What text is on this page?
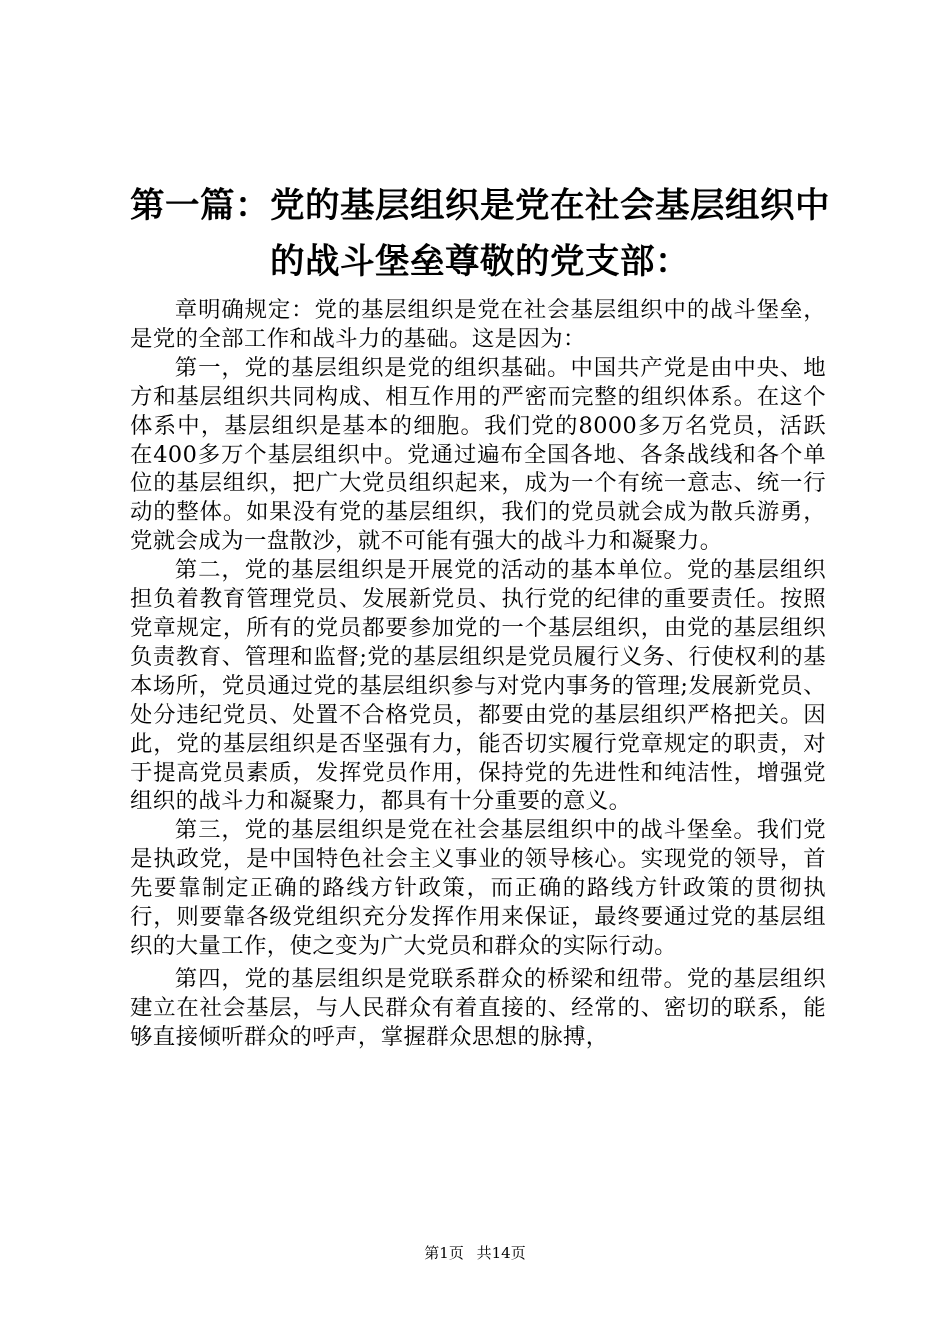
第一篇：党的基层组织是党在社会基层组织中
的战斗堡垒尊敬的党支部：

章明确规定：党的基层组织是党在社会基层组织中的战斗堡垒，是党的全部工作和战斗力的基础。这是因为：

第一，党的基层组织是党的组织基础。中国共产党是由中央、地方和基层组织共同构成、相互作用的严密而完整的组织体系。在这个体系中，基层组织是基本的细胞。我们党的8000多万名党员，活跃在400多万个基层组织中。党通过遍布全国各地、各条战线和各个单位的基层组织，把广大党员组织起来，成为一个有统一意志、统一行动的整体。如果没有党的基层组织，我们的党员就会成为散兵游勇，党就会成为一盘散沙，就不可能有强大的战斗力和凝聚力。

第二，党的基层组织是开展党的活动的基本单位。党的基层组织担负着教育管理党员、发展新党员、执行党的纪律的重要责任。按照党章规定，所有的党员都要参加党的一个基层组织，由党的基层组织负责教育、管理和监督;党的基层组织是党员履行义务、行使权利的基本场所，党员通过党的基层组织参与对党内事务的管理;发展新党员、处分违纪党员、处置不合格党员，都要由党的基层组织严格把关。因此，党的基层组织是否坚强有力，能否切实履行党章规定的职责，对于提高党员素质，发挥党员作用，保持党的先进性和纯洁性，增强党组织的战斗力和凝聚力，都具有十分重要的意义。

第三，党的基层组织是党在社会基层组织中的战斗堡垒。我们党是执政党，是中国特色社会主义事业的领导核心。实现党的领导，首先要靠制定正确的路线方针政策，而正确的路线方针政策的贯彻执行，则要靠各级党组织充分发挥作用来保证，最终要通过党的基层组织的大量工作，使之变为广大党员和群众的实际行动。

第四，党的基层组织是党联系群众的桥梁和纽带。党的基层组织建立在社会基层，与人民群众有着直接的、经常的、密切的联系，能够直接倾听群众的呼声，掌握群众思想的脉搏，

第1页 共14页
